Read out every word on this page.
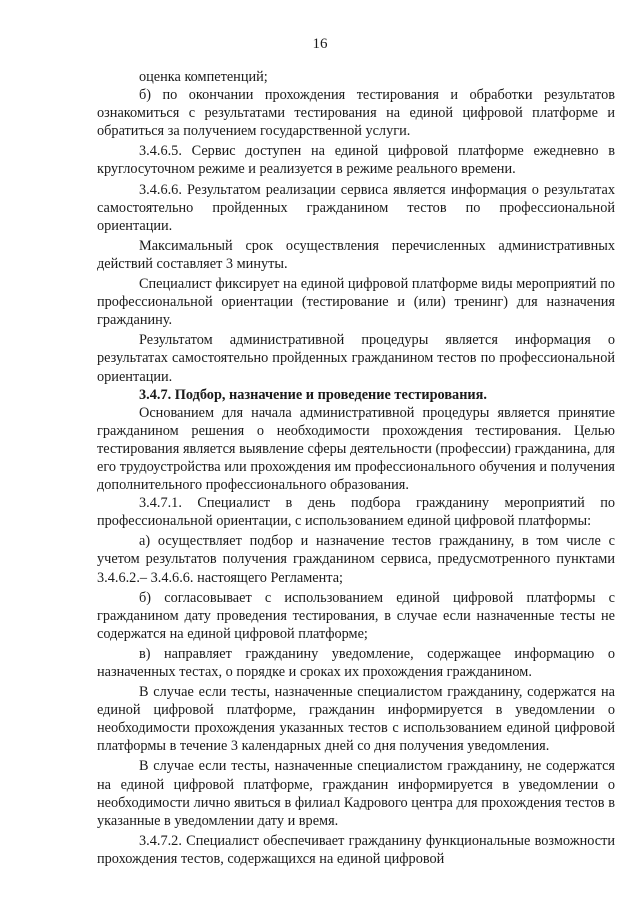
16

оценка компетенций;

б) по окончании прохождения тестирования и обработки результатов ознакомиться с результатами тестирования на единой цифровой платформе и обратиться за получением государственной услуги.

3.4.6.5. Сервис доступен на единой цифровой платформе ежедневно в круглосуточном режиме и реализуется в режиме реального времени.

3.4.6.6. Результатом реализации сервиса является информация о результатах самостоятельно пройденных гражданином тестов по профессиональной ориентации.

Максимальный срок осуществления перечисленных административных действий составляет 3 минуты.

Специалист фиксирует на единой цифровой платформе виды мероприятий по профессиональной ориентации (тестирование и (или) тренинг) для назначения гражданину.

Результатом административной процедуры является информация о результатах самостоятельно пройденных гражданином тестов по профессиональной ориентации.

3.4.7. Подбор, назначение и проведение тестирования.

Основанием для начала административной процедуры является принятие гражданином решения о необходимости прохождения тестирования. Целью тестирования является выявление сферы деятельности (профессии) гражданина, для его трудоустройства или прохождения им профессионального обучения и получения дополнительного профессионального образования.

3.4.7.1. Специалист в день подбора гражданину мероприятий по профессиональной ориентации, с использованием единой цифровой платформы:

а) осуществляет подбор и назначение тестов гражданину, в том числе с учетом результатов получения гражданином сервиса, предусмотренного пунктами 3.4.6.2.– 3.4.6.6. настоящего Регламента;

б) согласовывает с использованием единой цифровой платформы с гражданином дату проведения тестирования, в случае если назначенные тесты не содержатся на единой цифровой платформе;

в) направляет гражданину уведомление, содержащее информацию о назначенных тестах, о порядке и сроках их прохождения гражданином.

В случае если тесты, назначенные специалистом гражданину, содержатся на единой цифровой платформе, гражданин информируется в уведомлении о необходимости прохождения указанных тестов с использованием единой цифровой платформы в течение 3 календарных дней со дня получения уведомления.

В случае если тесты, назначенные специалистом гражданину, не содержатся на единой цифровой платформе, гражданин информируется в уведомлении о необходимости лично явиться в филиал Кадрового центра для прохождения тестов в указанные в уведомлении дату и время.

3.4.7.2. Специалист обеспечивает гражданину функциональные возможности прохождения тестов, содержащихся на единой цифровой
